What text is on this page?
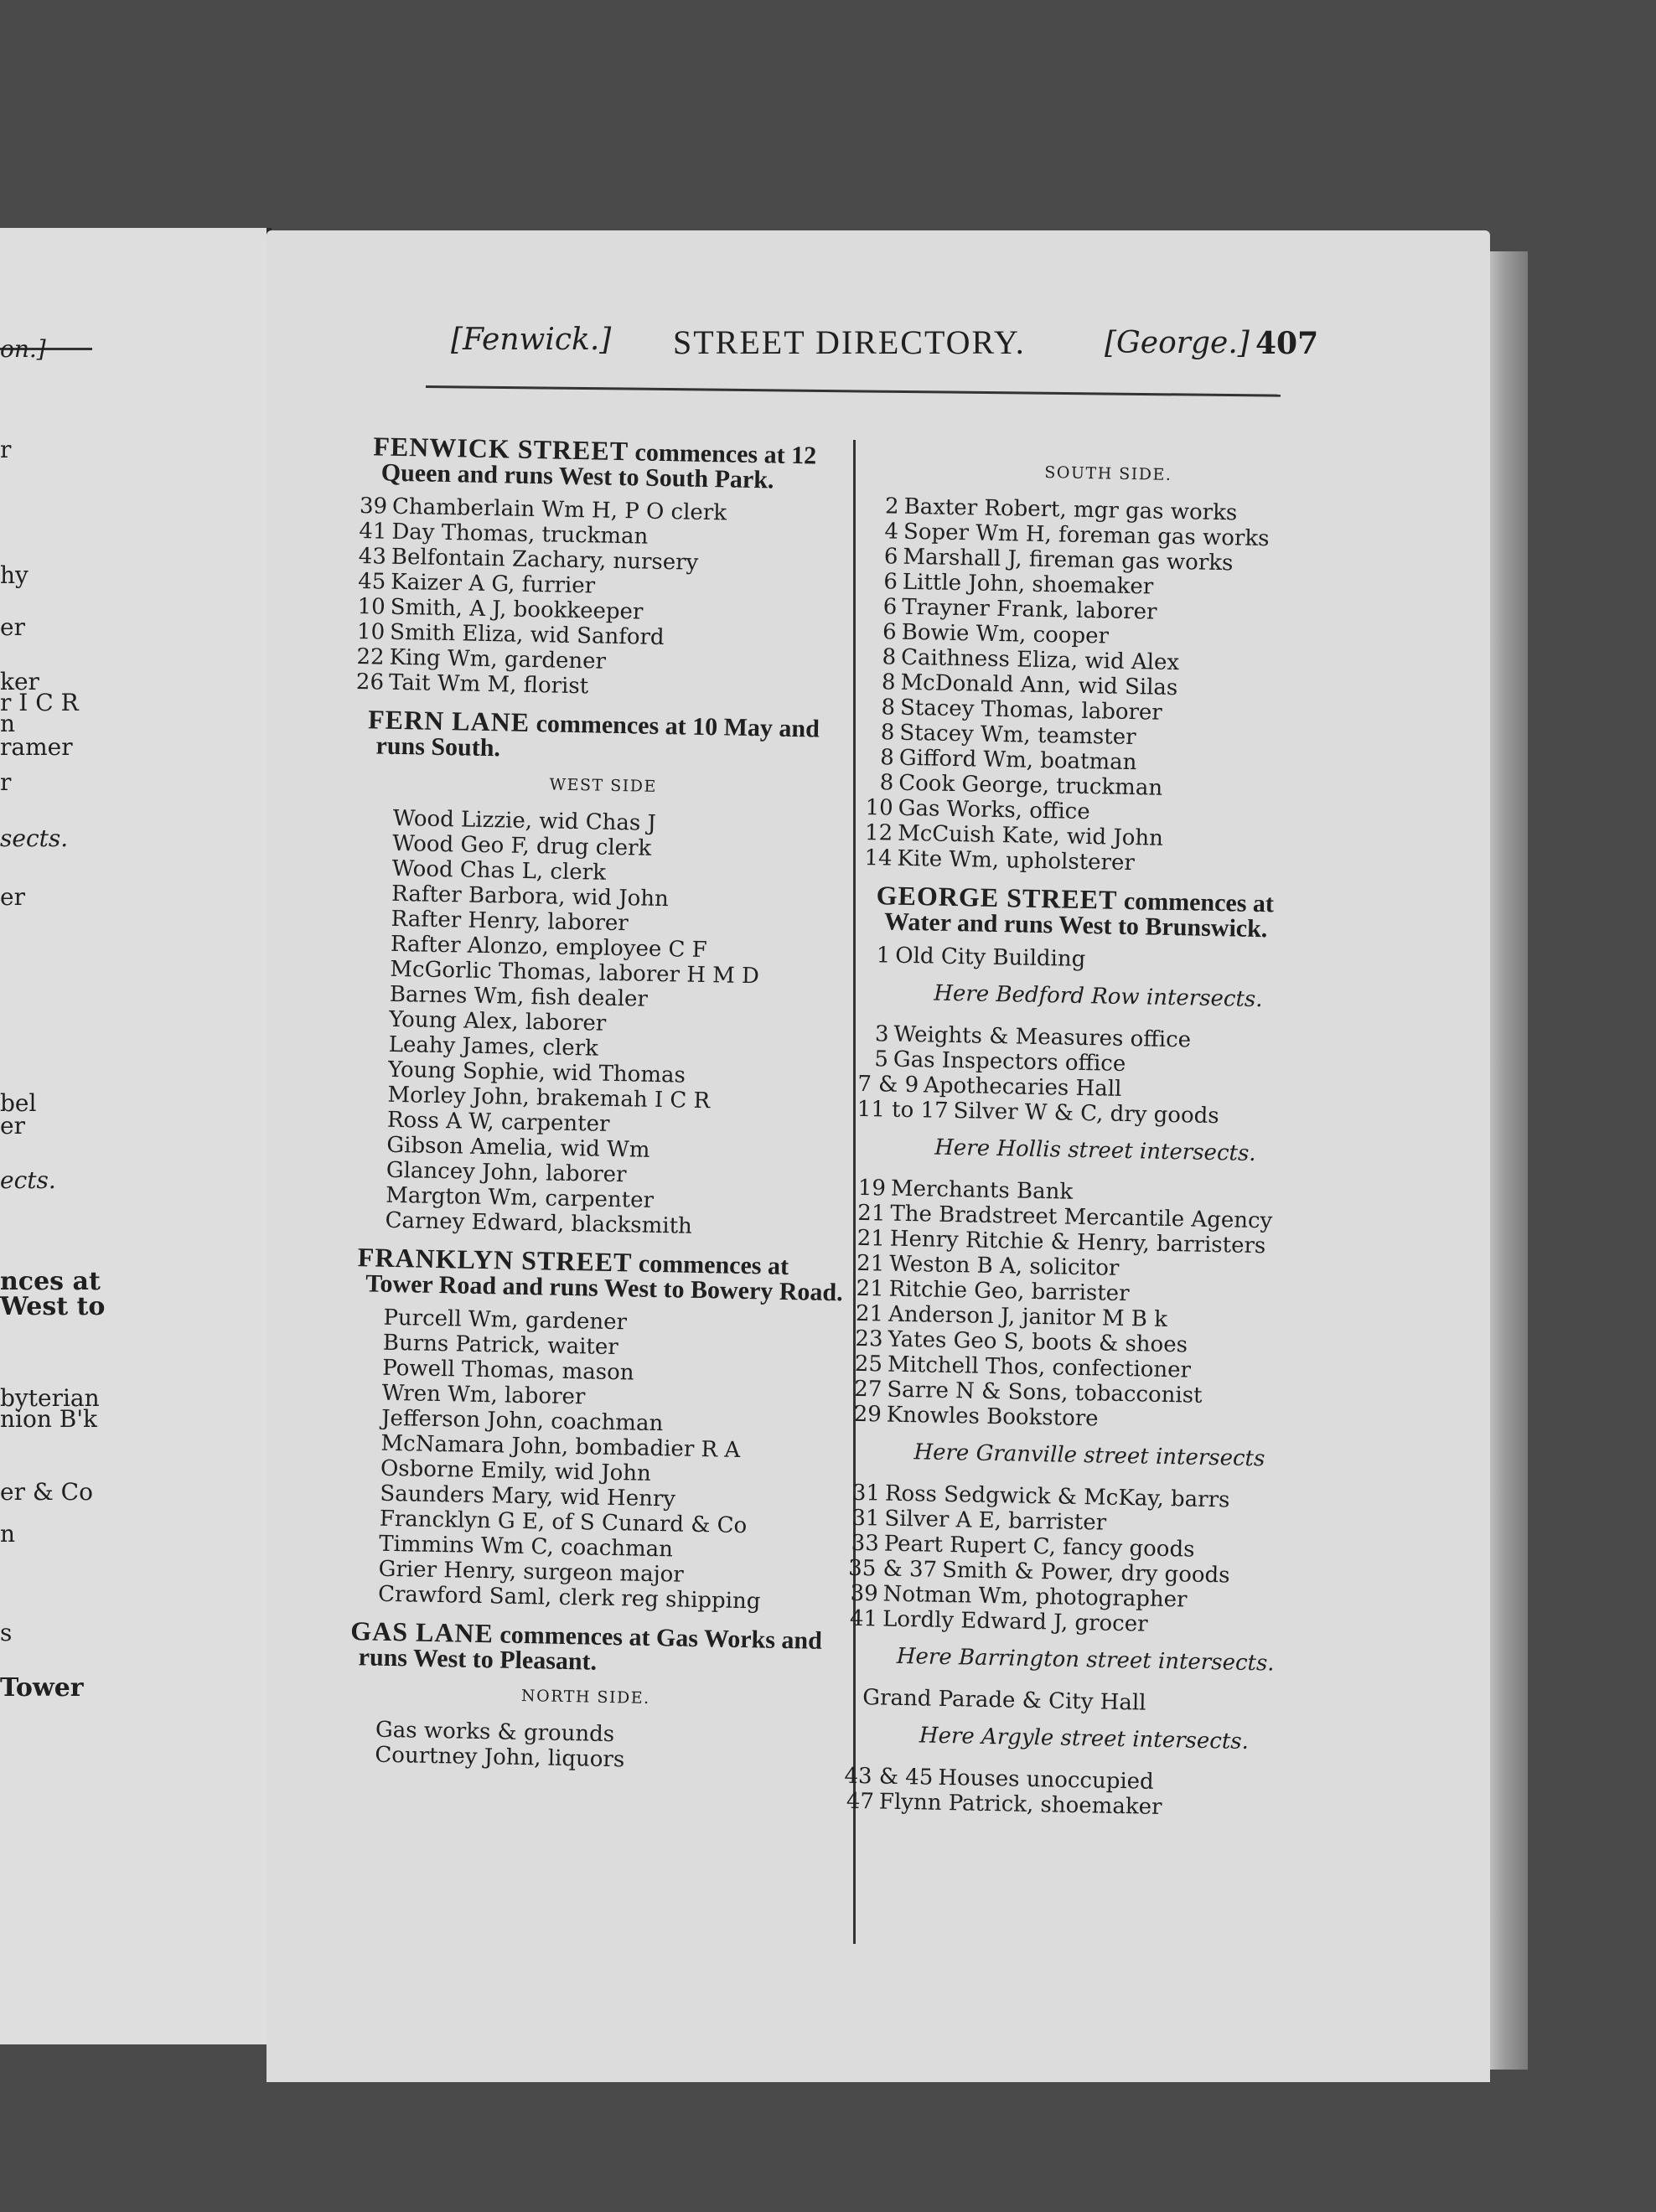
on.]
r
hy
er
ker
r I C R
n
ramer
r
sects.
er
bel
er
ects.
nces at
West to
byterian
nion B'k
er & Co
n
s
Tower
[Fenwick.] STREET DIRECTORY.	[George.] 407
FENWICK STREET commences at 12 Queen and runs West to South Park.
39 Chamberlain Wm H, P O clerk
41 Day Thomas, truckman
43 Belfontain Zachary, nursery
45 Kaizer A G, furrier
10 Smith, A J, bookkeeper
10 Smith Eliza, wid Sanford
22 King Wm, gardener
26 Tait Wm M, florist
FERN LANE commences at 10 May and runs South.
WEST SIDE
Wood Lizzie, wid Chas J
Wood Geo F, drug clerk
Wood Chas L, clerk
Rafter Barbora, wid John
Rafter Henry, laborer
Rafter Alonzo, employee C F
McGorlic Thomas, laborer H M D
Barnes Wm, fish dealer
Young Alex, laborer
Leahy James, clerk
Young Sophie, wid Thomas
Morley John, brakemah I C R
Ross A W, carpenter
Gibson Amelia, wid Wm
Glancey John, laborer
Margton Wm, carpenter
Carney Edward, blacksmith
FRANKLYN STREET commences at Tower Road and runs West to Bowery Road.
Purcell Wm, gardener
Burns Patrick, waiter
Powell Thomas, mason
Wren Wm, laborer
Jefferson John, coachman
McNamara John, bombadier R A
Osborne Emily, wid John
Saunders Mary, wid Henry
Francklyn G E, of S Cunard & Co
Timmins Wm C, coachman
Grier Henry, surgeon major
Crawford Saml, clerk reg shipping
GAS LANE commences at Gas Works and runs West to Pleasant.
NORTH SIDE.
Gas works & grounds
Courtney John, liquors
SOUTH SIDE.
2 Baxter Robert, mgr gas works
4 Soper Wm H, foreman gas works
6 Marshall J, fireman gas works
6 Little John, shoemaker
6 Trayner Frank, laborer
6 Bowie Wm, cooper
8 Caithness Eliza, wid Alex
8 McDonald Ann, wid Silas
8 Stacey Thomas, laborer
8 Stacey Wm, teamster
8 Gifford Wm, boatman
8 Cook George, truckman
10 Gas Works, office
12 McCuish Kate, wid John
14 Kite Wm, upholsterer
GEORGE STREET commences at Water and runs West to Brunswick.
1 Old City Building
Here Bedford Row intersects.
3 Weights & Measures office
5 Gas Inspectors office
7 & 9 Apothecaries Hall
11 to 17 Silver W & C, dry goods
Here Hollis street intersects.
19 Merchants Bank
21 The Bradstreet Mercantile Agency
21 Henry Ritchie & Henry, barristers
21 Weston B A, solicitor
21 Ritchie Geo, barrister
21 Anderson J, janitor M B k
23 Yates Geo S, boots & shoes
25 Mitchell Thos, confectioner
27 Sarre N & Sons, tobacconist
29 Knowles Bookstore
Here Granville street intersects
31 Ross Sedgwick & McKay, barrs
31 Silver A E, barrister
33 Peart Rupert C, fancy goods
35 & 37 Smith & Power, dry goods
39 Notman Wm, photographer
41 Lordly Edward J, grocer
Here Barrington street intersects.
Grand Parade & City Hall
Here Argyle street intersects.
43 & 45 Houses unoccupied
47 Flynn Patrick, shoemaker
